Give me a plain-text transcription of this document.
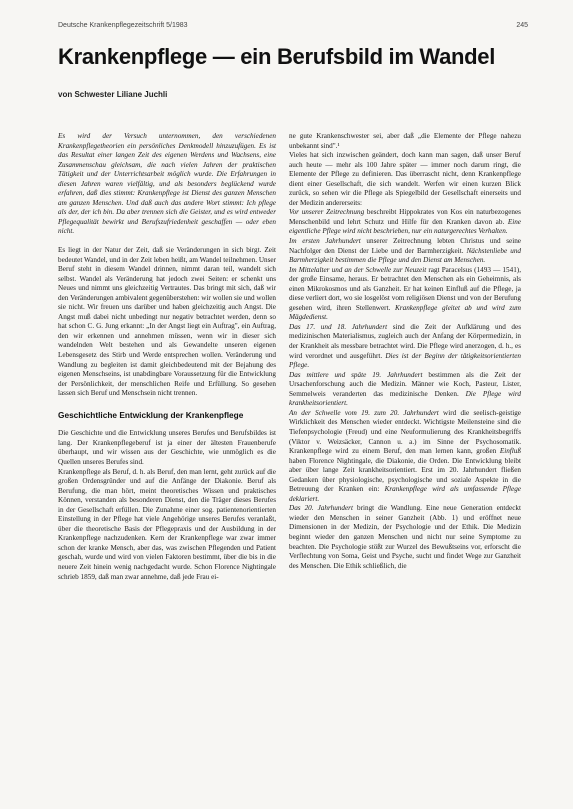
Deutsche Krankenpflegezeitschrift 5/1983	245
Krankenpflege — ein Berufsbild im Wandel
von Schwester Liliane Juchli

Es wird der Versuch unternommen, den verschiedenen Krankenpflegetheorien ein persönliches Denkmodell hinzuzufügen. Es ist das Resultat einer langen Zeit des eigenen Werdens und Wachsens, eine Zusammenschau gleichsam, die nach vielen Jahren der praktischen Tätigkeit und der Unterrichtsarbeit möglich wurde. Die Erfahrungen in diesen Jahren waren vielfältig, und als besonders beglückend wurde erfahren, daß dies stimmt: Krankenpflege ist Dienst des ganzen Menschen am ganzen Menschen. Und daß auch das andere Wort stimmt: Ich pflege als der, der ich bin. Da aber trennen sich die Geister, und es wird entweder Pflegequalität bewirkt und Berufszufriedenheit geschaffen — oder eben nicht.

Es liegt in der Natur der Zeit, daß sie Veränderungen in sich birgt. Zeit bedeutet Wandel, und in der Zeit leben heißt, am Wandel teilnehmen. Unser Beruf steht in diesem Wandel drinnen, nimmt daran teil, wandelt sich selbst. Wandel als Veränderung hat jedoch zwei Seiten: er schenkt uns Neues und nimmt uns gleichzeitig Vertrautes. Das bringt mit sich, daß wir den Veränderungen ambivalent gegenüberstehen: wir wollen sie und wollen sie nicht. Wir freuen uns darüber und haben gleichzeitig auch Angst. Die Angst muß dabei nicht unbedingt nur negativ betrachtet werden, denn so hat schon C. G. Jung erkannt: „In der Angst liegt ein Auftrag", ein Auftrag, den wir erkennen und annehmen müssen, wenn wir in dieser sich wandelnden Welt bestehen und als Gewandelte unseren eigenen Lebensgesetz des Stirb und Werde entsprechen wollen. Veränderung und Wandlung zu begleiten ist damit gleichbedeutend mit der Bejahung des eigenen Menschseins, ist unabdingbare Voraussetzung für die Entwicklung der Persönlichkeit, der menschlichen Reife und Erfüllung. So gesehen lassen sich Beruf und Menschsein nicht trennen.

Geschichtliche Entwicklung der Krankenpflege

Die Geschichte und die Entwicklung unseres Berufes und Berufsbildes ist lang. Der Krankenpflegeberuf ist ja einer der ältesten Frauenberufe überhaupt, und wir wissen aus der Geschichte, wie unmöglich es die Quellen unseres Berufes sind.

Krankenpflege als Beruf, d. h. als Beruf, den man lernt, geht zurück auf die großen Ordensgründer und auf die Anfänge der Diakonie. Beruf als Berufung, die man hört, meint theoretisches Wissen und praktisches Können, verstanden als besonderen Dienst, den die Träger dieses Berufes in der Gesellschaft erfüllen. Die Zunahme einer sog. patientenorientierten Einstellung in der Pflege hat viele Angehörige unseres Berufes veranlaßt, über die theoretische Basis der Pflegepraxis und der Ausbildung in der Krankenpflege nachzudenken. Kern der Krankenpflege war zwar immer schon der kranke Mensch, aber das, was zwischen Pflegenden und Patient geschah, wurde und wird von vielen Faktoren bestimmt, über die bis in die neuere Zeit hinein wenig nachgedacht wurde. Schon Florence Nightingale schrieb 1859, daß man zwar annehme, daß jede Frau ei-

ne gute Krankenschwester sei, aber daß „die Elemente der Pflege nahezu unbekannt sind".¹

Vieles hat sich inzwischen geändert, doch kann man sagen, daß unser Beruf auch heute — mehr als 100 Jahre später — immer noch darum ringt, die Elemente der Pflege zu definieren. Das überrascht nicht, denn Krankenpflege dient einer Gesellschaft, die sich wandelt. Werfen wir einen kurzen Blick zurück, so sehen wir die Pflege als Spiegelbild der Gesellschaft einerseits und der Medizin andererseits:

Vor unserer Zeitrechnung beschreibt Hippokrates von Kos ein naturbezogenes Menschenbild und lehrt Schutz und Hilfe für den Kranken davon ab. Eine eigentliche Pflege wird nicht beschrieben, nur ein naturgerechtes Verhalten.

Im ersten Jahrhundert unserer Zeitrechnung lebten Christus und seine Nachfolger den Dienst der Liebe und der Barmherzigkeit. Nächstenliebe und Barmherzigkeit bestimmen die Pflege und den Dienst am Menschen.

Im Mittelalter und an der Schwelle zur Neuzeit ragt Paracelsus (1493 — 1541), der große Einsame, heraus. Er betrachtet den Menschen als ein Geheimnis, als einen Mikrokosmos und als Ganzheit. Er hat keinen Einfluß auf die Pflege, ja diese verliert dort, wo sie losgelöst vom religiösen Dienst und von der Berufung gesehen wird, ihren Stellenwert. Krankenpflege gleitet ab und wird zum Mägdedienst.

Das 17. und 18. Jahrhundert sind die Zeit der Aufklärung und des medizinischen Materialismus, zugleich auch der Anfang der Körpermedizin, in der Krankheit als messbare betrachtet wird. Die Pflege wird anerzogen, d. h., es wird verordnet und ausgeführt. Dies ist der Beginn der tätigkeitsorientierten Pflege.

Das mittlere und späte 19. Jahrhundert bestimmen als die Zeit der Ursachenforschung auch die Medizin. Männer wie Koch, Pasteur, Lister, Semmelweis veranderten das medizinische Denken. Die Pflege wird krankheitsorientiert.

An der Schwelle vom 19. zum 20. Jahrhundert wird die seelisch-geistige Wirklichkeit des Menschen wieder entdeckt. Wichtigste Meilensteine sind die Tiefenpsychologie (Freud) und eine Neuformulierung des Krankheitsbegriffs (Viktor v. Weizsäcker, Cannon u. a.) im Sinne der Psychosomatik. Krankenpflege wird zu einem Beruf, den man lernen kann, großen Einfluß haben Florence Nightingale, die Diakonie, die Orden. Die Entwicklung bleibt aber über lange Zeit krankheitsorientiert. Erst im 20. Jahrhundert fließen Gedanken über physiologische, psychologische und soziale Aspekte in die Betreuung der Kranken ein: Krankenpflege wird als umfassende Pflege deklariert.

Das 20. Jahrhundert bringt die Wandlung. Eine neue Generation entdeckt wieder den Menschen in seiner Ganzheit (Abb. 1) und eröffnet neue Dimensionen in der Medizin, der Psychologie und der Ethik. Die Medizin beginnt wieder den ganzen Menschen und nicht nur seine Symptome zu beachten. Die Psychologie stößt zur Wurzel des Bewußtseins vor, erforscht die Verflechtung von Soma, Geist und Psyche, sucht und findet Wege zur Ganzheit des Menschen. Die Ethik schließlich, die
